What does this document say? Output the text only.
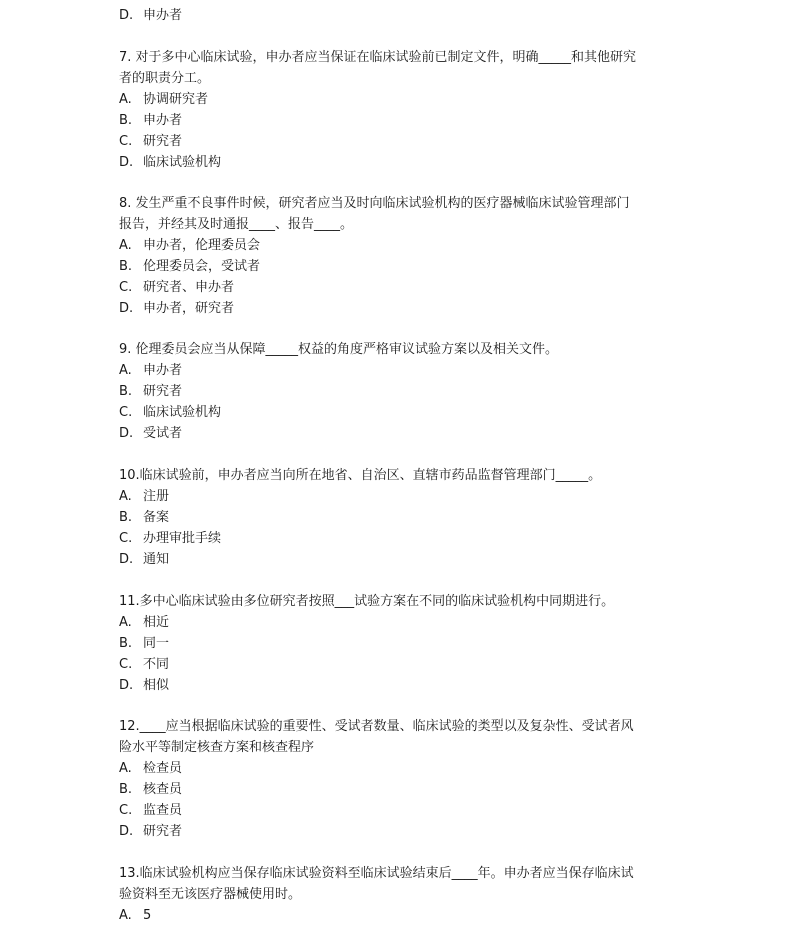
D. 申办者
7. 对于多中心临床试验，申办者应当保证在临床试验前已制定文件，明确_____和其他研究
者的职责分工。
A. 协调研究者
B. 申办者
C. 研究者
D. 临床试验机构
8. 发生严重不良事件时候，研究者应当及时向临床试验机构的医疗器械临床试验管理部门
报告，并经其及时通报____、报告____。
A. 申办者，伦理委员会
B. 伦理委员会，受试者
C. 研究者、申办者
D. 申办者，研究者
9. 伦理委员会应当从保障_____权益的角度严格审议试验方案以及相关文件。
A. 申办者
B. 研究者
C. 临床试验机构
D. 受试者
10.临床试验前，申办者应当向所在地省、自治区、直辖市药品监督管理部门_____。
A. 注册
B. 备案
C. 办理审批手续
D. 通知
11.多中心临床试验由多位研究者按照___试验方案在不同的临床试验机构中同期进行。
A. 相近
B. 同一
C. 不同
D. 相似
12.____应当根据临床试验的重要性、受试者数量、临床试验的类型以及复杂性、受试者风
险水平等制定核查方案和核查程序
A. 检查员
B. 核查员
C. 监查员
D. 研究者
13.临床试验机构应当保存临床试验资料至临床试验结束后____年。申办者应当保存临床试
验资料至无该医疗器械使用时。
A. 5
